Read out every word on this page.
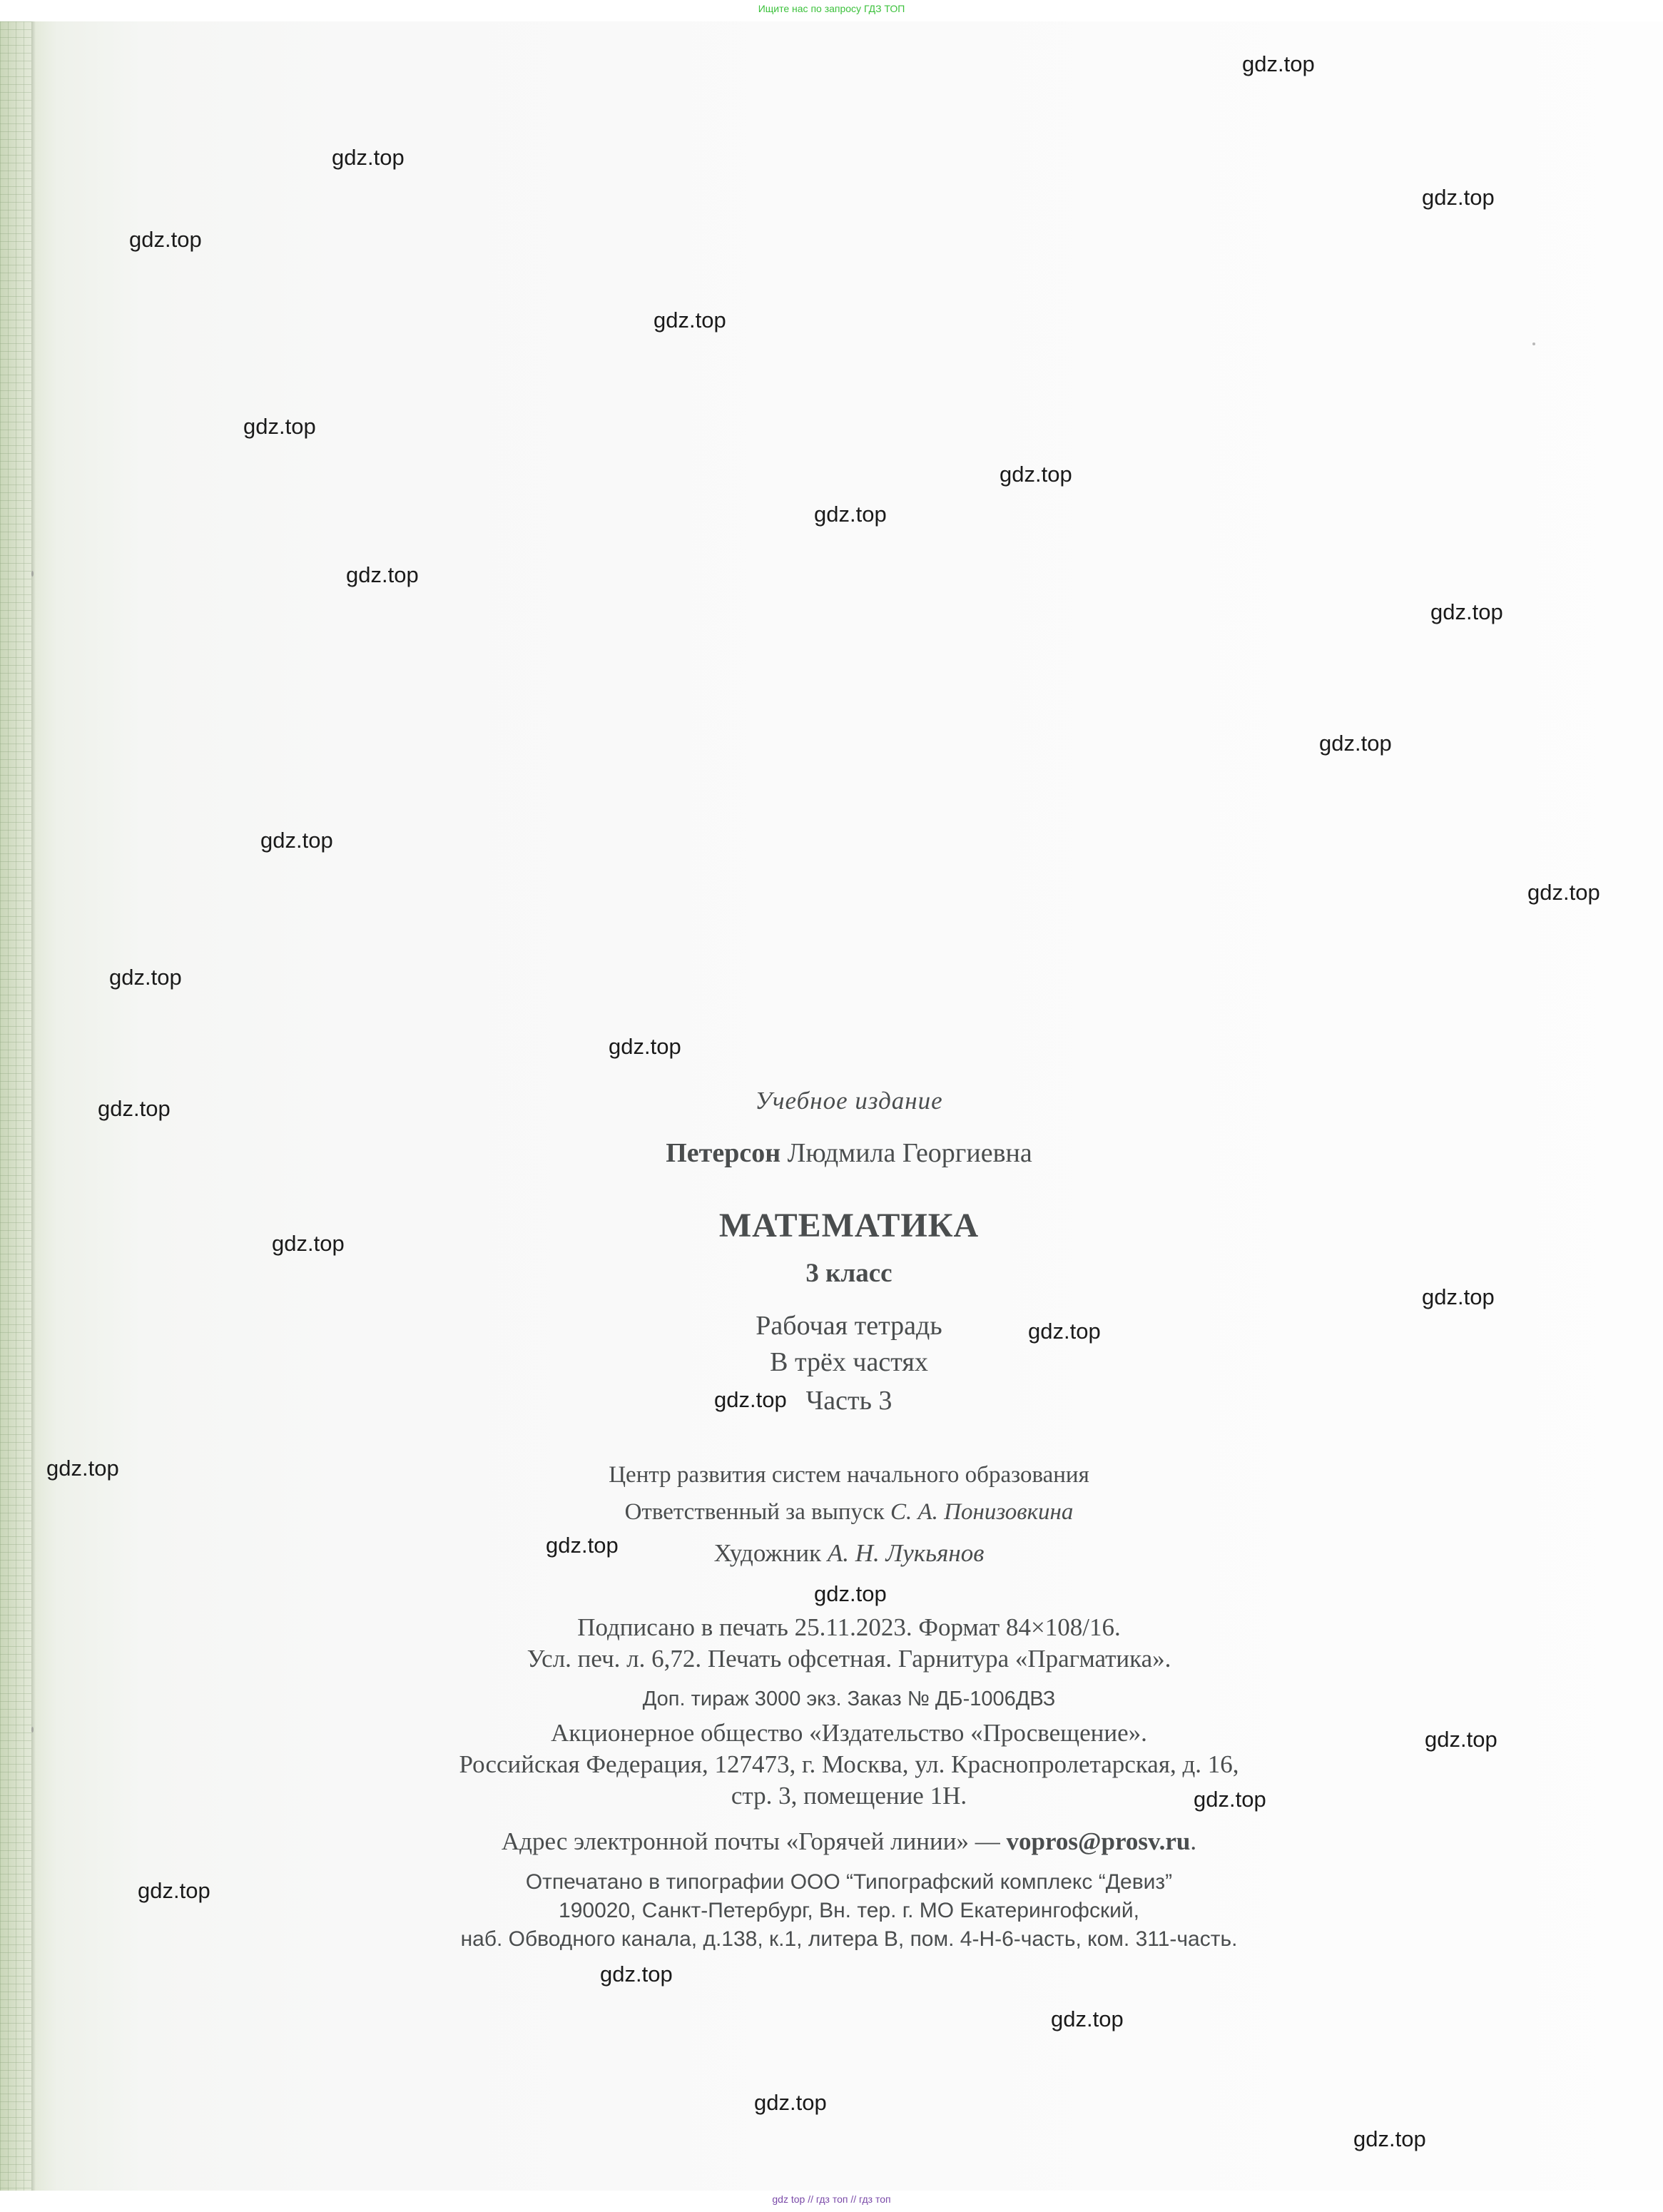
Ищите нас по запросу ГДЗ ТОП
gdz.top
gdz.top
gdz.top
gdz.top
gdz.top
gdz.top
gdz.top
gdz.top
gdz.top
gdz.top
gdz.top
gdz.top
gdz.top
gdz.top
gdz.top
gdz.top
gdz.top
gdz.top
gdz.top
gdz.top
gdz.top
gdz.top
gdz.top
gdz.top
gdz.top
gdz.top
gdz.top
gdz.top
gdz.top
gdz.top
Учебное издание
Петерсон Людмила Георгиевна
МАТЕМАТИКА
3 класс
Рабочая тетрадь
В трёх частях
Часть 3
Центр развития систем начального образования
Ответственный за выпуск С. А. Понизовкина
Художник А. Н. Лукьянов
Подписано в печать 25.11.2023. Формат 84×108/16.
Усл. печ. л. 6,72. Печать офсетная. Гарнитура «Прагматика».
Доп. тираж 3000 экз. Заказ № ДБ-1006ДВЗ
Акционерное общество «Издательство «Просвещение».
Российская Федерация, 127473, г. Москва, ул. Краснопролетарская, д. 16,
стр. 3, помещение 1Н.
Адрес электронной почты «Горячей линии» — vopros@prosv.ru.
Отпечатано в типографии ООО “Типографский комплекс “Девиз”
190020, Санкт-Петербург, Вн. тер. г. МО Екатерингофский,
наб. Обводного канала, д.138, к.1, литера В, пом. 4-Н-6-часть, ком. 311-часть.
gdz top // гдз топ // гдз топ
